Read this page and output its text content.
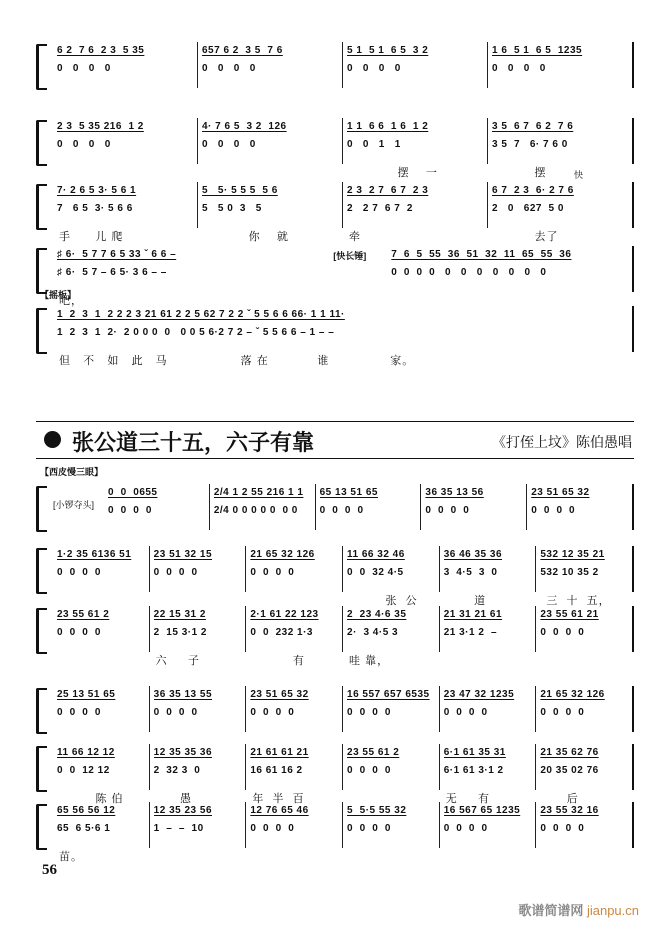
6 2  7 6  2 3  5 35
0   0   0   0
657 6 2  3 5  7 6
0   0   0   0
5 1  5 1  6 5  3 2
0   0   0   0
1 6  5 1  6 5  1235
0   0   0   0
2 3  5 35 216  1 2
0   0   0   0
4· 7 6 5  3 2  126
0   0   0   0
1 1  6 6  1 6  1 2
0   0   1   1
摆    一
3 5  6 7  6 2  7 6
3 5  7   6· 7 6 0
摆
7· 2 6 5 3· 5 6 1
7   6 5  3· 5 6 6
手      儿 爬
5   5· 5 5 5  5 6
5   5 0  3   5
你    就
2 3  2 7  6 7  2 3
2   2 7  6 7  2
牵
6 7  2 3  6· 2 7 6
2   0   627  5 0
去了
♯ 6·  5 7 7 6 5 33 ˇ 6 6 –
♯ 6·  5 7 – 6 5· 3 6 – –
吧，
[快长锤]	7  6  5  55  36  51  32  11  65  55  36
0  0  0  0   0   0   0   0   0   0   0
1  2  3  1  2 2 2 3 21 61 2 2 5 62 7 2 2 ˇ 5 5 6 6 66· 1 1 11·
1  2  3  1  2·  2 0 0 0  0   0 0 5 6·2 7 2 – ˇ 5 5 6 6 – 1 – –
但   不   如   此   马                  落 在            谁               家。
[小锣夺头]
0  0  0655
0  0  0  0
2/4 1 2 55 216 1 1
2/4 0 0 0 0 0  0 0
65 13 51 65
0  0  0  0
36 35 13 56
0  0  0  0
23 51 65 32
0  0  0  0
1·2 35 6136 51
0  0  0  0
23 51 32 15
0  0  0  0
21 65 32 126
0  0  0  0
11 66 32 46
0  0  32 4·5
张  公
36 46 35 36
3  4·5  3  0
道
532 12 35 21
532 10 35 2
三  十  五，
23 55 61 2
0  0  0  0
22 15 31 2
2  15 3·1 2
六     子
2·1 61 22 123
0  0  232 1·3
有
2  23 4·6 35
2·  3 4·5 3
哇 靠，
21 31 21 61
21 3·1 2  –
23 55 61 21
0  0  0  0
25 13 51 65
0  0  0  0
36 35 13 55
0  0  0  0
23 51 65 32
0  0  0  0
16 557 657 6535
0  0  0  0
23 47 32 1235
0  0  0  0
21 65 32 126
0  0  0  0
11 66 12 12
0  0  12 12
陈 伯
12 35 35 36
2  32 3  0
愚
21 61 61 21
16 61 16 2
年  半  百
23 55 61 2
0  0  0  0
6·1 61 35 31
6·1 61 3·1 2
无     有
21 35 62 76
20 35 02 76
后
65 56 56 12
65  6 5·6 1
苗。
12 35 23 56
1  –  –  10
12 76 65 46
0  0  0  0
5  5·5 55 32
0  0  0  0
16 567 65 1235
0  0  0  0
23 55 32 16
0  0  0  0
张公道三十五，六子有靠	《打侄上坟》陈伯愚唱
【摇板】
【西皮慢三眼】
快
56
歌谱简谱网 jianpu.cn
